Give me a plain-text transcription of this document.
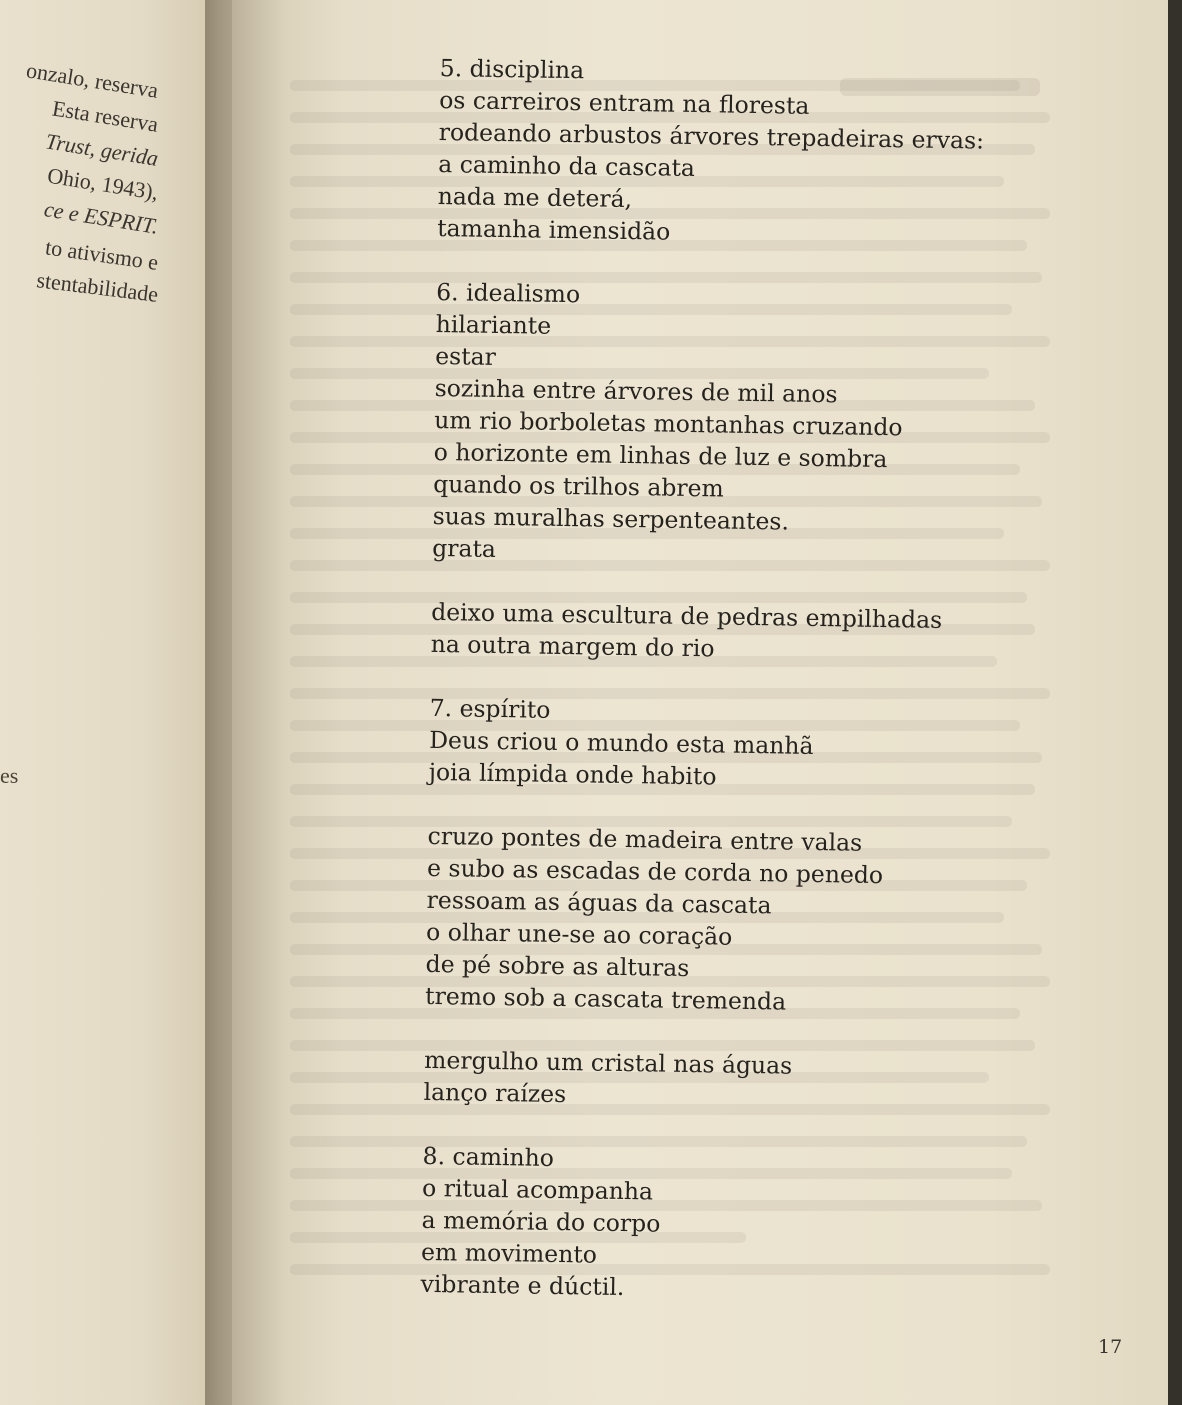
onzalo, reserva
Esta reserva
Trust, gerida
Ohio, 1943),
ce e ESPRIT.
to ativismo e
stentabilidade
es
5. disciplina
os carreiros entram na floresta
rodeando arbustos árvores trepadeiras ervas:
a caminho da cascata
nada me deterá,
tamanha imensidão
6. idealismo
hilariante
estar
sozinha entre árvores de mil anos
um rio borboletas montanhas cruzando
o horizonte em linhas de luz e sombra
quando os trilhos abrem
suas muralhas serpenteantes.
grata
deixo uma escultura de pedras empilhadas
na outra margem do rio
7. espírito
Deus criou o mundo esta manhã
joia límpida onde habito
cruzo pontes de madeira entre valas
e subo as escadas de corda no penedo
ressoam as águas da cascata
o olhar une-se ao coração
de pé sobre as alturas
tremo sob a cascata tremenda
mergulho um cristal nas águas
lanço raízes
8. caminho
o ritual acompanha
a memória do corpo
em movimento
vibrante e dúctil.
17
